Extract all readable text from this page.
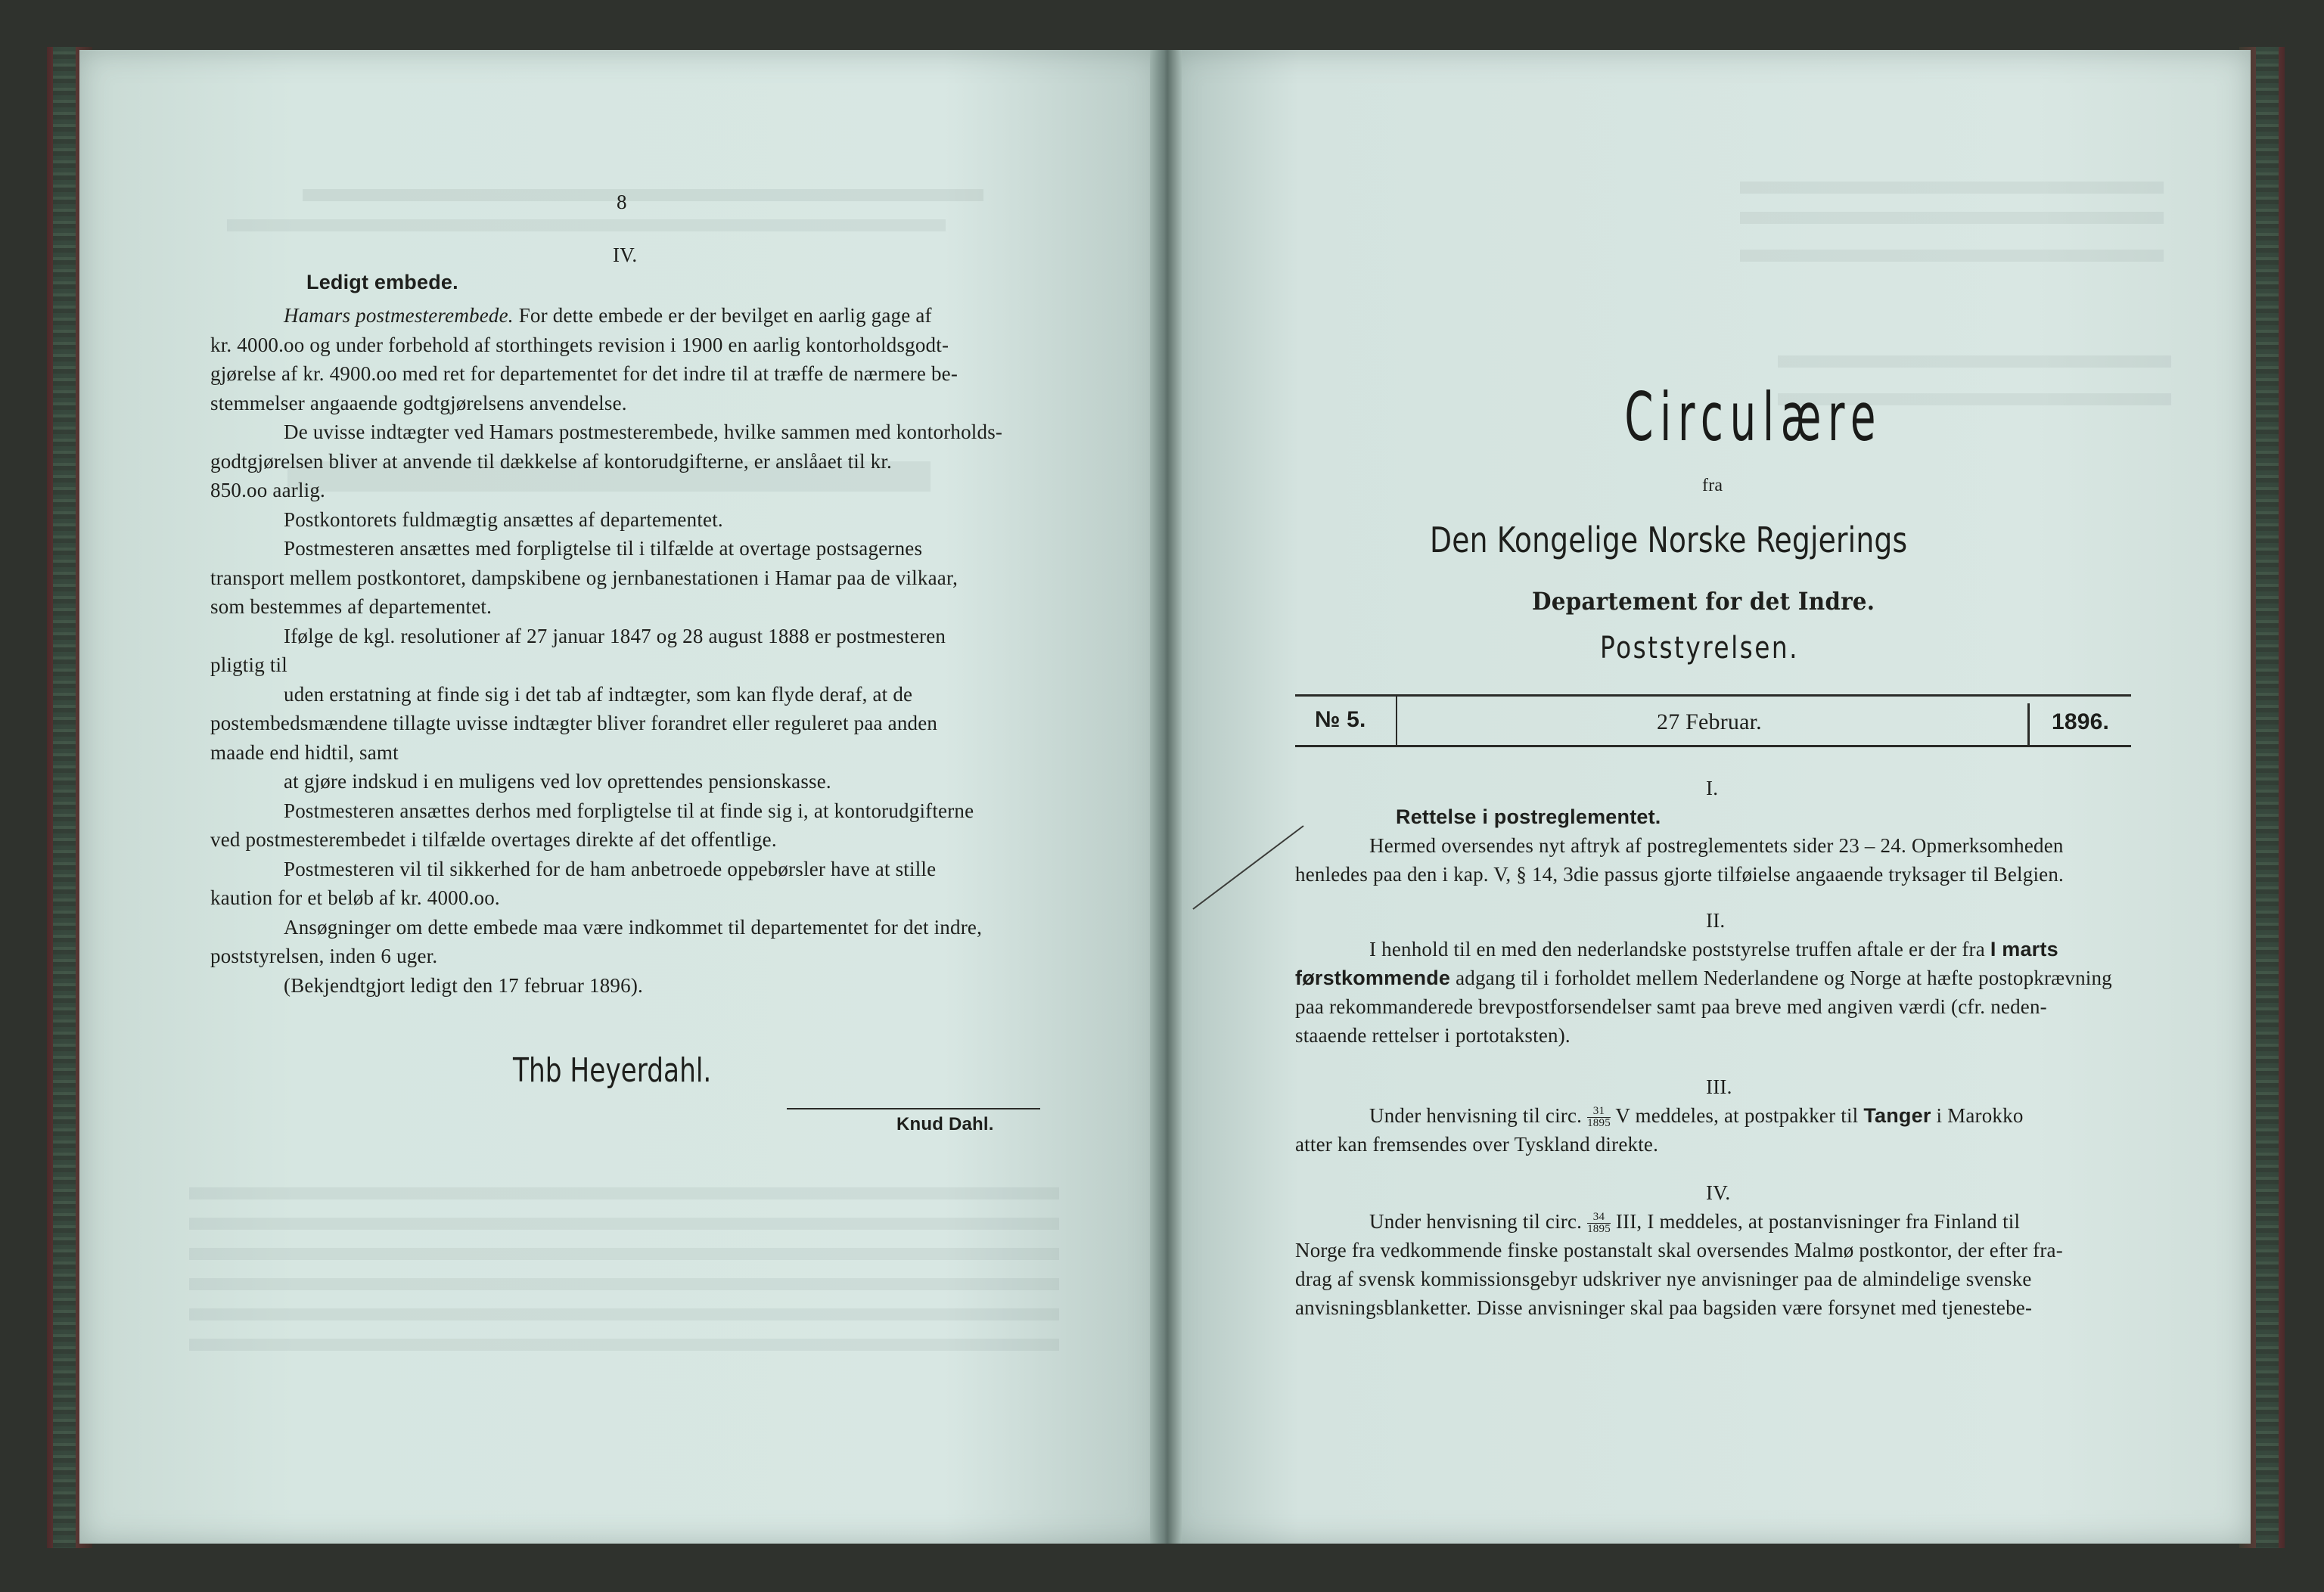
8
IV.
Ledigt embede.
Hamars postmesterembede. For dette embede er der bevilget en aarlig gage af
kr. 4000.oo og under forbehold af storthingets revision i 1900 en aarlig kontorholdsgodt-
gjørelse af kr. 4900.oo med ret for departementet for det indre til at træffe de nærmere be-
stemmelser angaaende godtgjørelsens anvendelse.
De uvisse indtægter ved Hamars postmesterembede, hvilke sammen med kontorholds-
godtgjørelsen bliver at anvende til dækkelse af kontorudgifterne, er anslåaet til kr.
850.oo aarlig.
Postkontorets fuldmægtig ansættes af departementet.
Postmesteren ansættes med forpligtelse til i tilfælde at overtage postsagernes
transport mellem postkontoret, dampskibene og jernbanestationen i Hamar paa de vilkaar,
som bestemmes af departementet.
Ifølge de kgl. resolutioner af 27 januar 1847 og 28 august 1888 er postmesteren
pligtig til
uden erstatning at finde sig i det tab af indtægter, som kan flyde deraf, at de
postembedsmændene tillagte uvisse indtægter bliver forandret eller reguleret paa anden
maade end hidtil, samt
at gjøre indskud i en muligens ved lov oprettendes pensionskasse.
Postmesteren ansættes derhos med forpligtelse til at finde sig i, at kontorudgifterne
ved postmesterembedet i tilfælde overtages direkte af det offentlige.
Postmesteren vil til sikkerhed for de ham anbetroede oppebørsler have at stille
kaution for et beløb af kr. 4000.oo.
Ansøgninger om dette embede maa være indkommet til departementet for det indre,
poststyrelsen, inden 6 uger.
(Bekjendtgjort ledigt den 17 februar 1896).
Thb Heyerdahl.
Knud Dahl.
Circulære
fra
Den Kongelige Norske Regjerings
Departement for det Indre.
Poststyrelsen.
№ 5.	27 Februar.	1896.
I.
Rettelse i postreglementet.
Hermed oversendes nyt aftryk af postreglementets sider 23 – 24. Opmerksomheden
henledes paa den i kap. V, § 14, 3die passus gjorte tilføielse angaaende tryksager til Belgien.
II.
I henhold til en med den nederlandske poststyrelse truffen aftale er der fra I marts
førstkommende adgang til i forholdet mellem Nederlandene og Norge at hæfte postopkrævning
paa rekommanderede brevpostforsendelser samt paa breve med angiven værdi (cfr. neden-
staaende rettelser i portotaksten).
III.
Under henvisning til circ. $\frac{31}{1895}$ V meddeles, at postpakker til Tanger i Marokko
atter kan fremsendes over Tyskland direkte.
IV.
Under henvisning til circ. $\frac{34}{1895}$ III, I meddeles, at postanvisninger fra Finland til
Norge fra vedkommende finske postanstalt skal oversendes Malmø postkontor, der efter fra-
drag af svensk kommissionsgebyr udskriver nye anvisninger paa de almindelige svenske
anvisningsblanketter. Disse anvisninger skal paa bagsiden være forsynet med tjenestebe-
